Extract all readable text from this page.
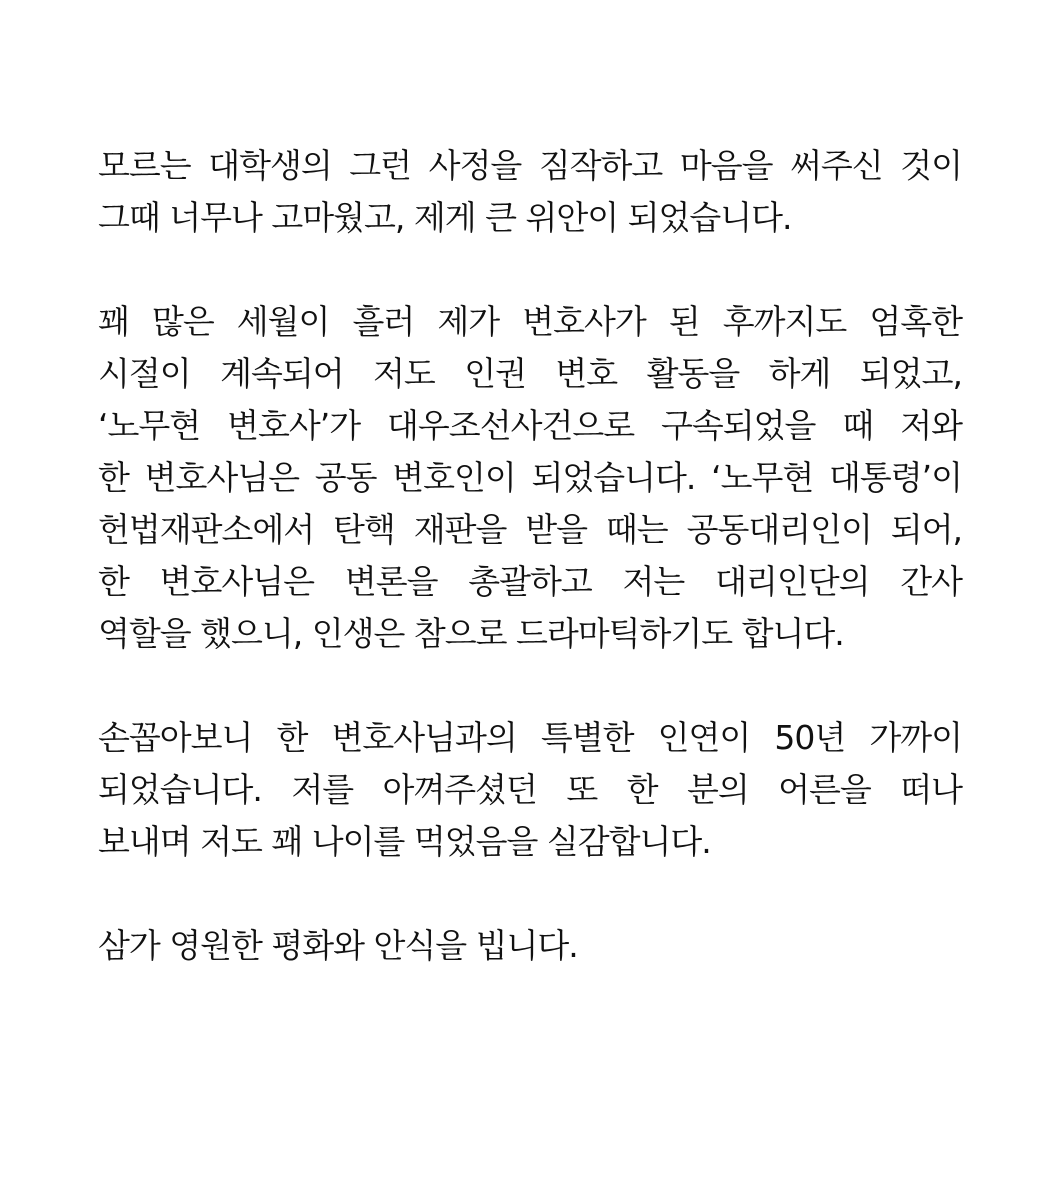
모르는 대학생의 그런 사정을 짐작하고 마음을 써주신 것이
그때 너무나 고마웠고, 제게 큰 위안이 되었습니다.
꽤 많은 세월이 흘러 제가 변호사가 된 후까지도 엄혹한
시절이 계속되어 저도 인권 변호 활동을 하게 되었고,
‘노무현 변호사’가 대우조선사건으로 구속되었을 때 저와
한 변호사님은 공동 변호인이 되었습니다. ‘노무현 대통령’이
헌법재판소에서 탄핵 재판을 받을 때는 공동대리인이 되어,
한 변호사님은 변론을 총괄하고 저는 대리인단의 간사
역할을 했으니, 인생은 참으로 드라마틱하기도 합니다.
손꼽아보니 한 변호사님과의 특별한 인연이 50년 가까이
되었습니다. 저를 아껴주셨던 또 한 분의 어른을 떠나
보내며 저도 꽤 나이를 먹었음을 실감합니다.
삼가 영원한 평화와 안식을 빕니다.
